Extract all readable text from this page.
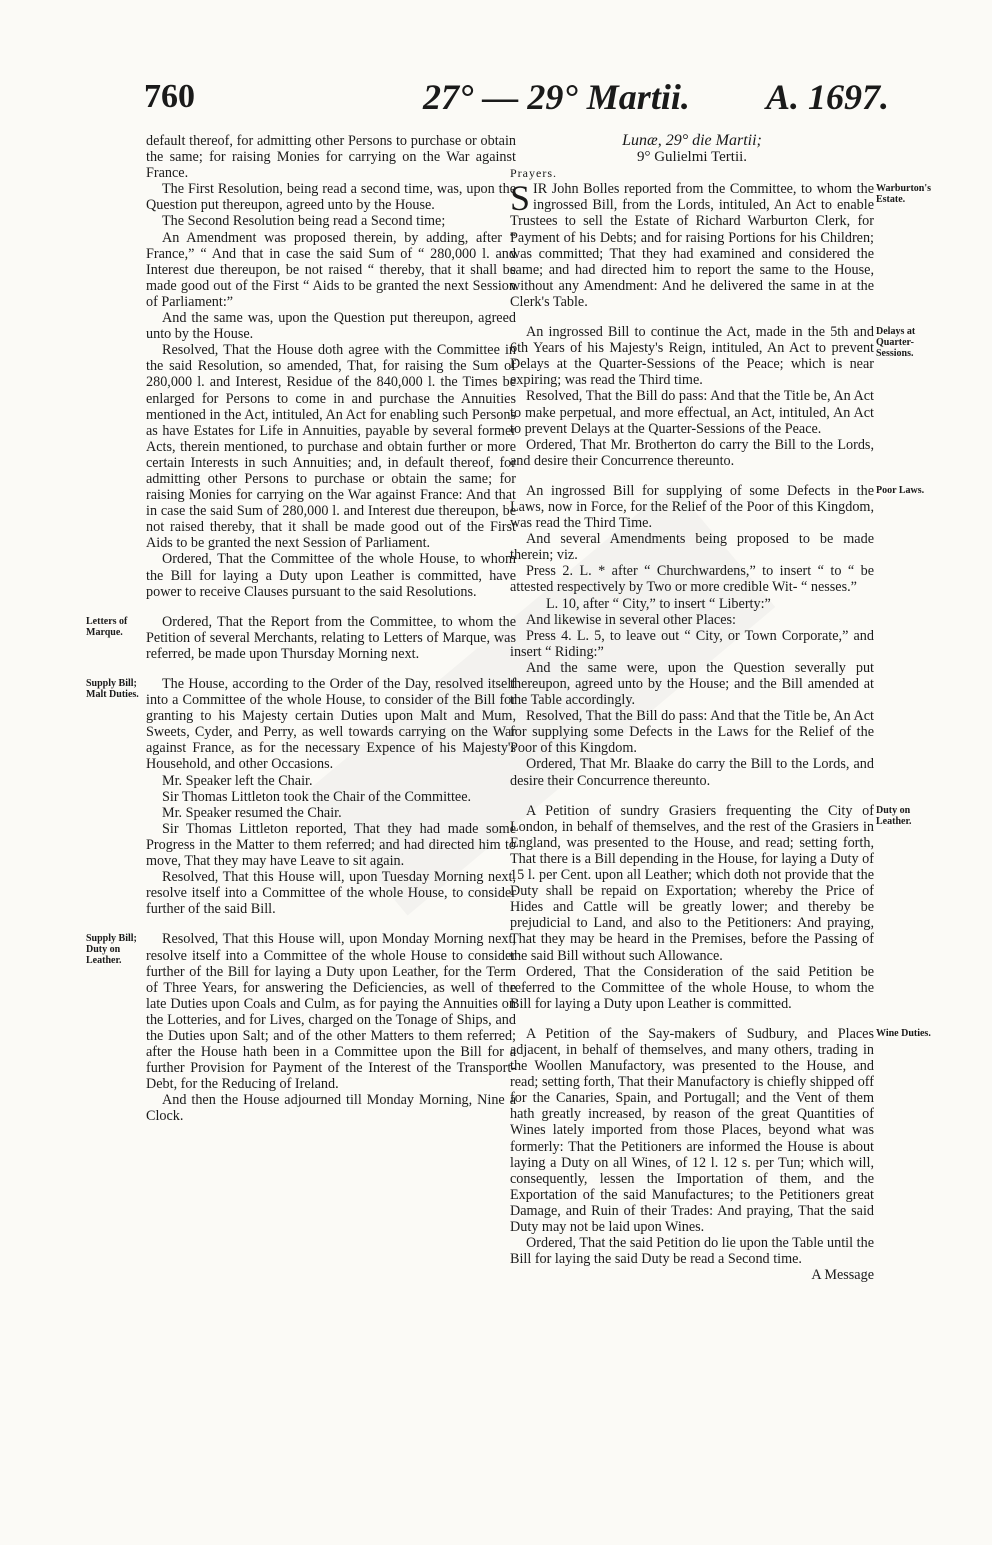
760	27° — 29° Martii. A. 1697.

default thereof, for admitting other Persons to purchase or obtain the same; for raising Monies for carrying on the War against France.

The First Resolution, being read a second time, was, upon the Question put thereupon, agreed unto by the House.

The Second Resolution being read a Second time;

An Amendment was proposed therein, by adding, after “ France,” “ And that in case the said Sum of “ 280,000 l. and Interest due thereupon, be not raised “ thereby, that it shall be made good out of the First “ Aids to be granted the next Session of Parliament:”

And the same was, upon the Question put thereupon, agreed unto by the House.

Resolved, That the House doth agree with the Committee in the said Resolution, so amended, That, for raising the Sum of 280,000 l. and Interest, Residue of the 840,000 l. the Times be enlarged for Persons to come in and purchase the Annuities mentioned in the Act, intituled, An Act for enabling such Persons as have Estates for Life in Annuities, payable by several former Acts, therein mentioned, to purchase and obtain further or more certain Interests in such Annuities; and, in default thereof, for admitting other Persons to purchase or obtain the same; for raising Monies for carrying on the War against France: And that in case the said Sum of 280,000 l. and Interest due thereupon, be not raised thereby, that it shall be made good out of the First Aids to be granted the next Session of Parliament.

Ordered, That the Committee of the whole House, to whom the Bill for laying a Duty upon Leather is committed, have power to receive Clauses pursuant to the said Resolutions.

Letters of Marque.

Ordered, That the Report from the Committee, to whom the Petition of several Merchants, relating to Letters of Marque, was referred, be made upon Thursday Morning next.

Supply Bill; Malt Duties.

The House, according to the Order of the Day, resolved itself into a Committee of the whole House, to consider of the Bill for granting to his Majesty certain Duties upon Malt and Mum, Sweets, Cyder, and Perry, as well towards carrying on the War against France, as for the necessary Expence of his Majesty's Household, and other Occasions.

Mr. Speaker left the Chair.

Sir Thomas Littleton took the Chair of the Committee.

Mr. Speaker resumed the Chair.

Sir Thomas Littleton reported, That they had made some Progress in the Matter to them referred; and had directed him to move, That they may have Leave to sit again.

Resolved, That this House will, upon Tuesday Morning next, resolve itself into a Committee of the whole House, to consider further of the said Bill.

Supply Bill; Duty on Leather.

Resolved, That this House will, upon Monday Morning next, resolve itself into a Committee of the whole House to consider further of the Bill for laying a Duty upon Leather, for the Term of Three Years, for answering the Deficiencies, as well of the late Duties upon Coals and Culm, as for paying the Annuities on the Lotteries, and for Lives, charged on the Tonage of Ships, and the Duties upon Salt; and of the other Matters to them referred; after the House hath been in a Committee upon the Bill for a further Provision for Payment of the Interest of the Transport-Debt, for the Reducing of Ireland.

And then the House adjourned till Monday Morning, Nine a Clock.

Lunæ, 29° die Martii;

9° Gulielmi Tertii.

Prayers.

Warburton's Estate.

SIR John Bolles reported from the Committee, to whom the ingrossed Bill, from the Lords, intituled, An Act to enable Trustees to sell the Estate of Richard Warburton Clerk, for Payment of his Debts; and for raising Portions for his Children; was committed; That they had examined and considered the same; and had directed him to report the same to the House, without any Amendment: And he delivered the same in at the Clerk's Table.

Delays at Quarter-Sessions.

An ingrossed Bill to continue the Act, made in the 5th and 6th Years of his Majesty's Reign, intituled, An Act to prevent Delays at the Quarter-Sessions of the Peace; which is near expiring; was read the Third time.

Resolved, That the Bill do pass: And that the Title be, An Act to make perpetual, and more effectual, an Act, intituled, An Act to prevent Delays at the Quarter-Sessions of the Peace.

Ordered, That Mr. Brotherton do carry the Bill to the Lords, and desire their Concurrence thereunto.

Poor Laws.

An ingrossed Bill for supplying of some Defects in the Laws, now in Force, for the Relief of the Poor of this Kingdom, was read the Third Time.

And several Amendments being proposed to be made therein; viz.

Press 2. L. * after “ Churchwardens,” to insert “ to “ be attested respectively by Two or more credible Wit- “ nesses.”

L. 10, after “ City,” to insert “ Liberty:”

And likewise in several other Places:

Press 4. L. 5, to leave out “ City, or Town Corporate,” and insert “ Riding:”

And the same were, upon the Question severally put thereupon, agreed unto by the House; and the Bill amended at the Table accordingly.

Resolved, That the Bill do pass: And that the Title be, An Act for supplying some Defects in the Laws for the Relief of the Poor of this Kingdom.

Ordered, That Mr. Blaake do carry the Bill to the Lords, and desire their Concurrence thereunto.

Duty on Leather.

A Petition of sundry Grasiers frequenting the City of London, in behalf of themselves, and the rest of the Grasiers in England, was presented to the House, and read; setting forth, That there is a Bill depending in the House, for laying a Duty of 15 l. per Cent. upon all Leather; which doth not provide that the Duty shall be repaid on Exportation; whereby the Price of Hides and Cattle will be greatly lower; and thereby be prejudicial to Land, and also to the Petitioners: And praying, That they may be heard in the Premises, before the Passing of the said Bill without such Allowance.

Ordered, That the Consideration of the said Petition be referred to the Committee of the whole House, to whom the Bill for laying a Duty upon Leather is committed.

Wine Duties.

A Petition of the Say-makers of Sudbury, and Places adjacent, in behalf of themselves, and many others, trading in the Woollen Manufactory, was presented to the House, and read; setting forth, That their Manufactory is chiefly shipped off for the Canaries, Spain, and Portugall; and the Vent of them hath greatly increased, by reason of the great Quantities of Wines lately imported from those Places, beyond what was formerly: That the Petitioners are informed the House is about laying a Duty on all Wines, of 12 l. 12 s. per Tun; which will, consequently, lessen the Importation of them, and the Exportation of the said Manufactures; to the Petitioners great Damage, and Ruin of their Trades: And praying, That the said Duty may not be laid upon Wines.

Ordered, That the said Petition do lie upon the Table until the Bill for laying the said Duty be read a Second time.

A Message
